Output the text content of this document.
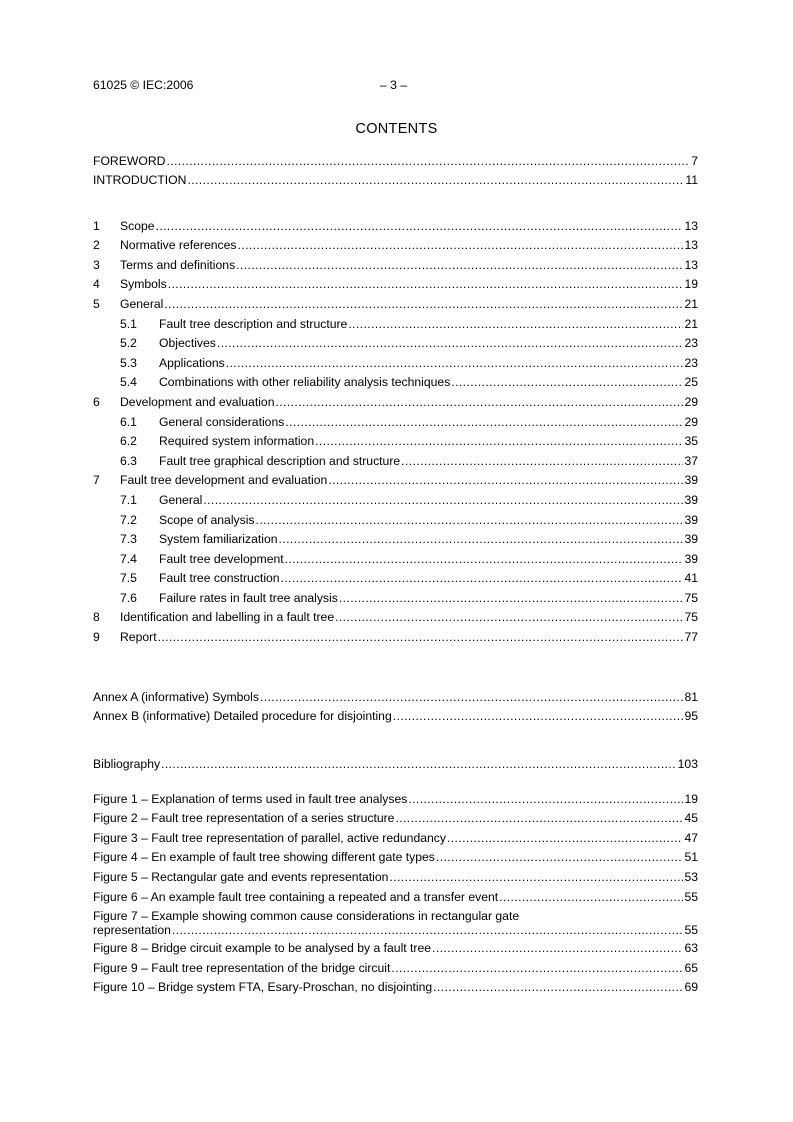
61025 © IEC:2006	– 3 –
CONTENTS
FOREWORD .....	7
INTRODUCTION .....	11
1	Scope .....	13
2	Normative references .....	13
3	Terms and definitions .....	13
4	Symbols .....	19
5	General .....	21
5.1	Fault tree description and structure .....	21
5.2	Objectives .....	23
5.3	Applications .....	23
5.4	Combinations with other reliability analysis techniques .....	25
6	Development and evaluation .....	29
6.1	General considerations .....	29
6.2	Required system information .....	35
6.3	Fault tree graphical description and structure .....	37
7	Fault tree development and evaluation .....	39
7.1	General .....	39
7.2	Scope of analysis .....	39
7.3	System familiarization .....	39
7.4	Fault tree development .....	39
7.5	Fault tree construction .....	41
7.6	Failure rates in fault tree analysis .....	75
8	Identification and labelling in a fault tree .....	75
9	Report .....	77
Annex A (informative) Symbols .....	81
Annex B (informative) Detailed procedure for disjointing .....	95
Bibliography .....	103
Figure 1 – Explanation of terms used in fault tree analyses .....	19
Figure 2 – Fault tree representation of a series structure .....	45
Figure 3 – Fault tree representation of parallel, active redundancy .....	47
Figure 4 – En example of fault tree showing different gate types .....	51
Figure 5 – Rectangular gate and events representation .....	53
Figure 6 – An example fault tree containing a repeated and a transfer event .....	55
Figure 7 – Example showing common cause considerations in rectangular gate
representation .....	55
Figure 8 – Bridge circuit example to be analysed by a fault tree .....	63
Figure 9 – Fault tree representation of the bridge circuit .....	65
Figure 10 – Bridge system FTA, Esary-Proschan, no disjointing .....	69
